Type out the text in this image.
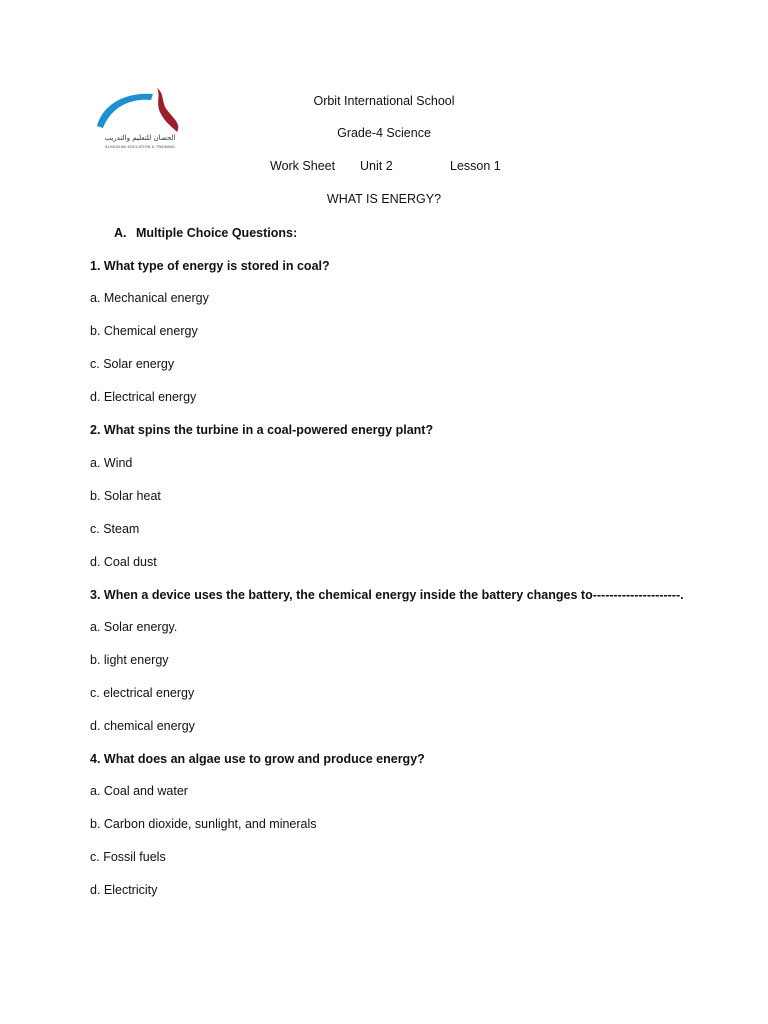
الحصان للتعليم والتدريب
ALHUSSAN EDUCATION & TRAINING
Orbit International School
Grade-4 Science
Work Sheet Unit 2	Lesson 1
WHAT IS ENERGY?
A. Multiple Choice Questions:
1. What type of energy is stored in coal?
a. Mechanical energy
b. Chemical energy
c. Solar energy
d. Electrical energy
2. What spins the turbine in a coal-powered energy plant?
a. Wind
b. Solar heat
c. Steam
d. Coal dust
3. When a device uses the battery, the chemical energy inside the battery changes to---------------------.
a. Solar energy.
b. light energy
c. electrical energy
d. chemical energy
4. What does an algae use to grow and produce energy?
a. Coal and water
b. Carbon dioxide, sunlight, and minerals
c. Fossil fuels
d. Electricity
